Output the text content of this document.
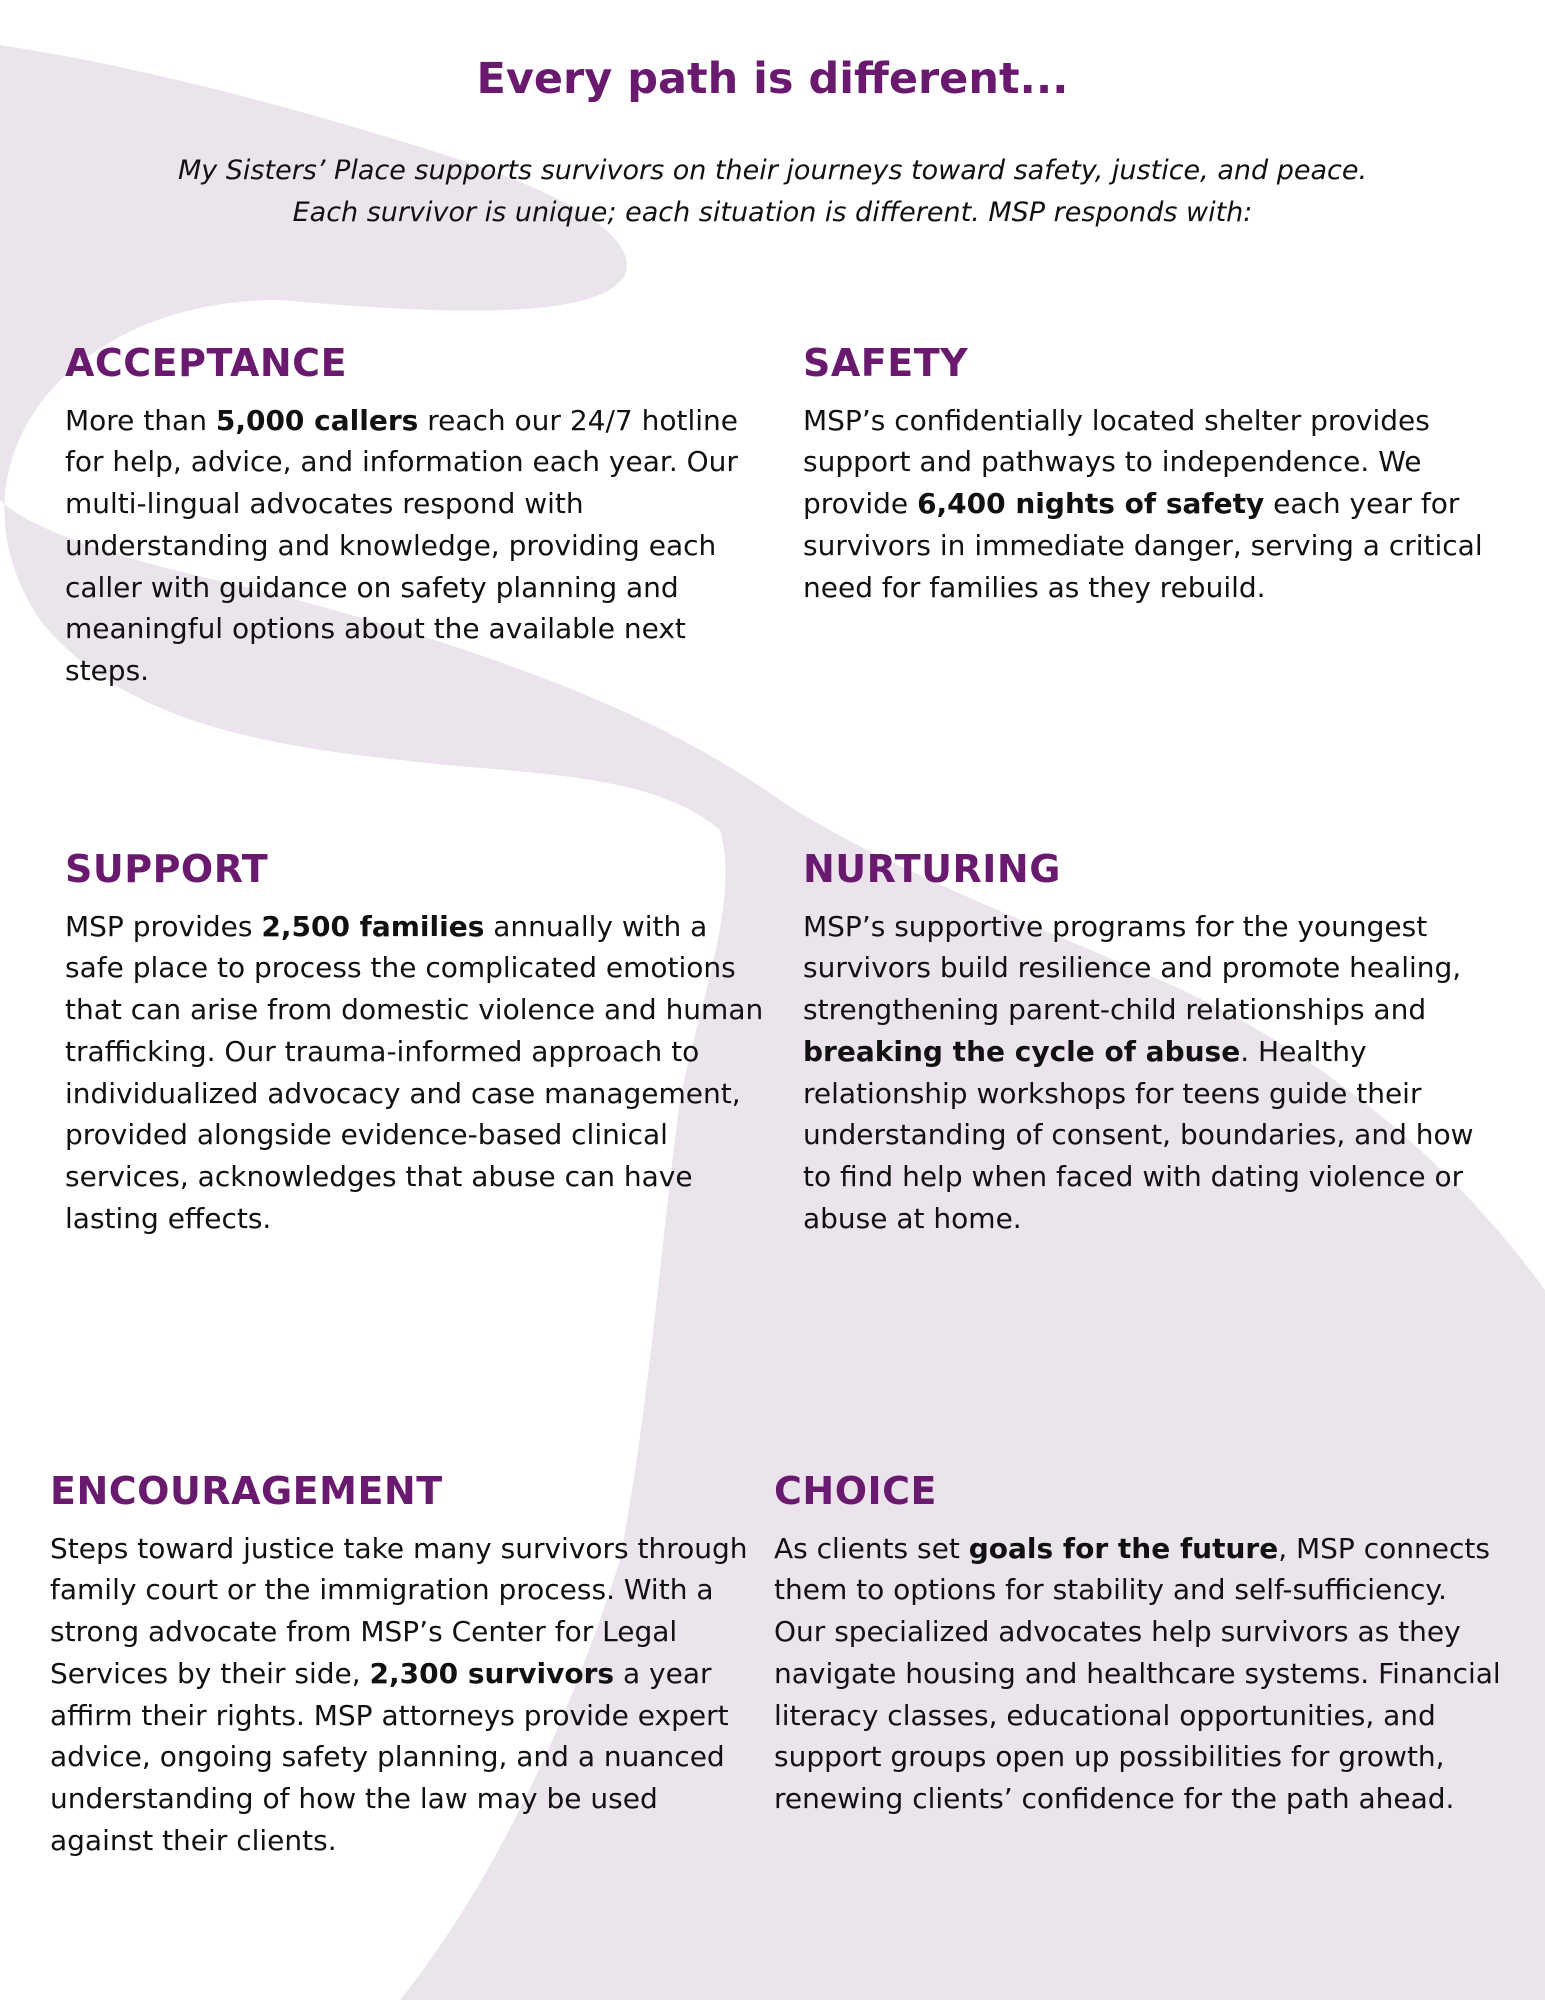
Every path is different...
My Sisters’ Place supports survivors on their journeys toward safety, justice, and peace.
Each survivor is unique; each situation is different. MSP responds with:
ACCEPTANCE
More than 5,000 callers reach our 24/7 hotline for help, advice, and information each year. Our multi-lingual advocates respond with understanding and knowledge, providing each caller with guidance on safety planning and meaningful options about the available next steps.
SAFETY
MSP’s confidentially located shelter provides support and pathways to independence. We provide 6,400 nights of safety each year for survivors in immediate danger, serving a critical need for families as they rebuild.
SUPPORT
MSP provides 2,500 families annually with a safe place to process the complicated emotions that can arise from domestic violence and human trafficking. Our trauma-informed approach to individualized advocacy and case management, provided alongside evidence-based clinical services, acknowledges that abuse can have lasting effects.
NURTURING
MSP’s supportive programs for the youngest survivors build resilience and promote healing, strengthening parent-child relationships and breaking the cycle of abuse. Healthy relationship workshops for teens guide their understanding of consent, boundaries, and how to find help when faced with dating violence or abuse at home.
ENCOURAGEMENT
Steps toward justice take many survivors through family court or the immigration process. With a strong advocate from MSP’s Center for Legal Services by their side, 2,300 survivors a year affirm their rights. MSP attorneys provide expert advice, ongoing safety planning, and a nuanced understanding of how the law may be used against their clients.
CHOICE
As clients set goals for the future, MSP connects them to options for stability and self-sufficiency. Our specialized advocates help survivors as they navigate housing and healthcare systems. Financial literacy classes, educational opportunities, and support groups open up possibilities for growth, renewing clients’ confidence for the path ahead.
